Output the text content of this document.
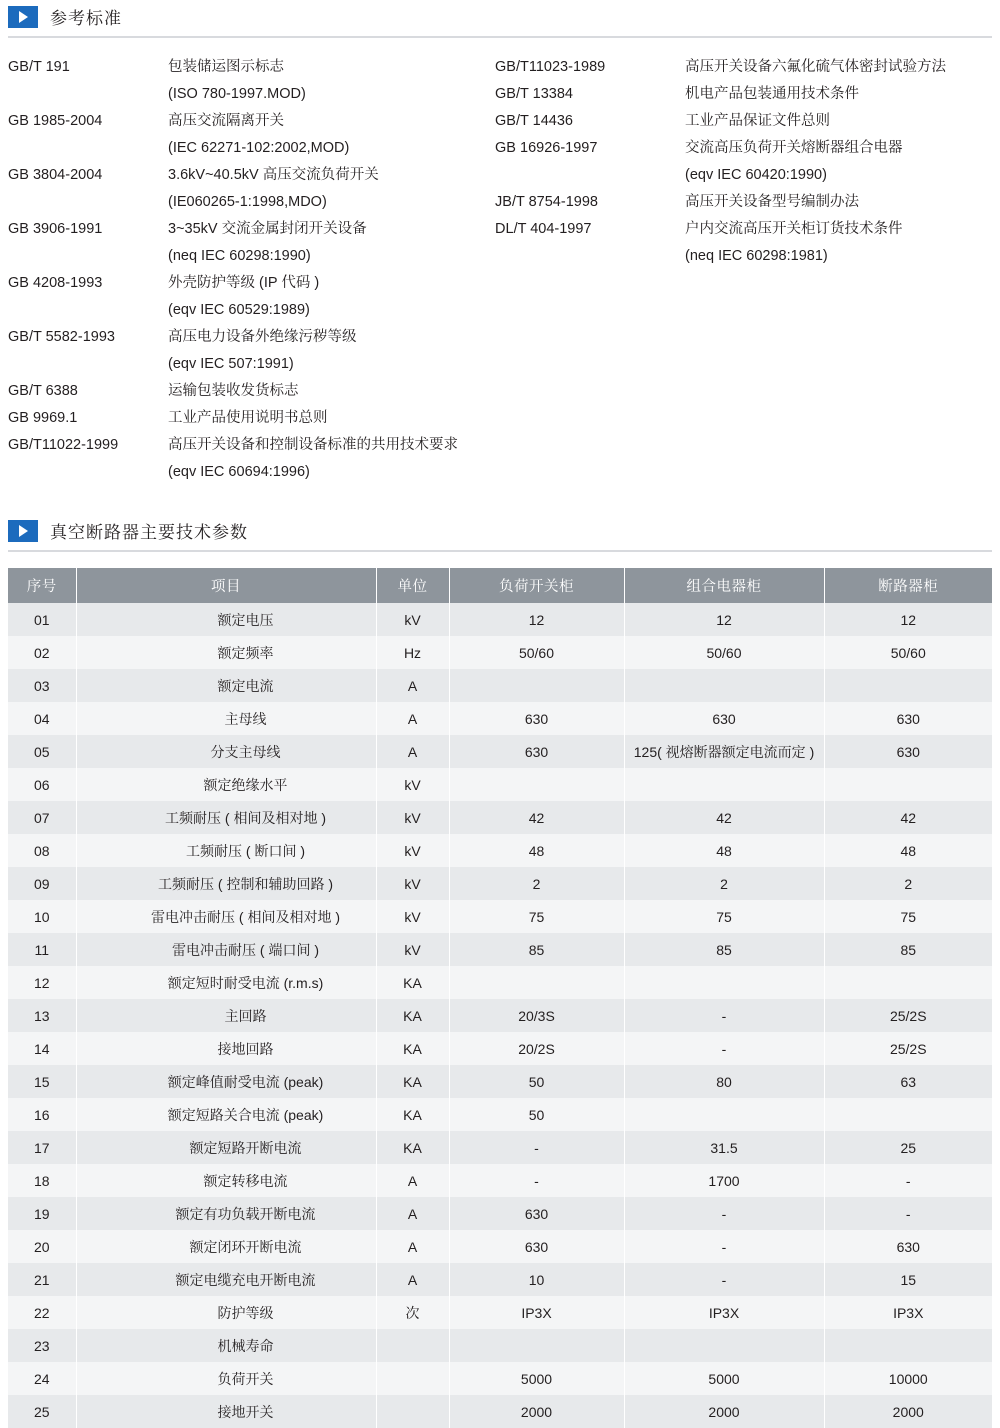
参考标准
GB/T 191	包装储运图示标志
(ISO 780-1997.MOD)
GB 1985-2004	高压交流隔离开关
(IEC 62271-102:2002,MOD)
GB 3804-2004	3.6kV~40.5kV 高压交流负荷开关
(IE060265-1:1998,MDO)
GB 3906-1991	3~35kV 交流金属封闭开关设备
(neq IEC 60298:1990)
GB 4208-1993	外壳防护等级 (IP 代码 )
(eqv IEC 60529:1989)
GB/T 5582-1993	高压电力设备外绝缘污秽等级
(eqv IEC 507:1991)
GB/T 6388	运输包装收发货标志
GB 9969.1	工业产品使用说明书总则
GB/T11022-1999	高压开关设备和控制设备标准的共用技术要求
(eqv IEC 60694:1996)
GB/T11023-1989	高压开关设备六氟化硫气体密封试验方法
GB/T 13384	机电产品包装通用技术条件
GB/T 14436	工业产品保证文件总则
GB 16926-1997	交流高压负荷开关熔断器组合电器
(eqv IEC 60420:1990)
JB/T 8754-1998	高压开关设备型号编制办法
DL/T 404-1997	户内交流高压开关柜订货技术条件
(neq IEC 60298:1981)
真空断路器主要技术参数
序号	项目	单位	负荷开关柜	组合电器柜	断路器柜
01	额定电压	kV	12	12	12
02	额定频率	Hz	50/60	50/60	50/60
03	额定电流	A			
04	主母线	A	630	630	630
05	分支主母线	A	630	125( 视熔断器额定电流而定 )	630
06	额定绝缘水平	kV			
07	工频耐压 ( 相间及相对地 )	kV	42	42	42
08	工频耐压 ( 断口间 )	kV	48	48	48
09	工频耐压 ( 控制和辅助回路 )	kV	2	2	2
10	雷电冲击耐压 ( 相间及相对地 )	kV	75	75	75
11	雷电冲击耐压 ( 端口间 )	kV	85	85	85
12	额定短时耐受电流 (r.m.s)	KA			
13	主回路	KA	20/3S	-	25/2S
14	接地回路	KA	20/2S	-	25/2S
15	额定峰值耐受电流 (peak)	KA	50	80	63
16	额定短路关合电流 (peak)	KA	50		
17	额定短路开断电流	KA	-	31.5	25
18	额定转移电流	A	-	1700	-
19	额定有功负载开断电流	A	630	-	-
20	额定闭环开断电流	A	630	-	630
21	额定电缆充电开断电流	A	10	-	15
22	防护等级	次	IP3X	IP3X	IP3X
23	机械寿命				
24	负荷开关		5000	5000	10000
25	接地开关		2000	2000	2000
